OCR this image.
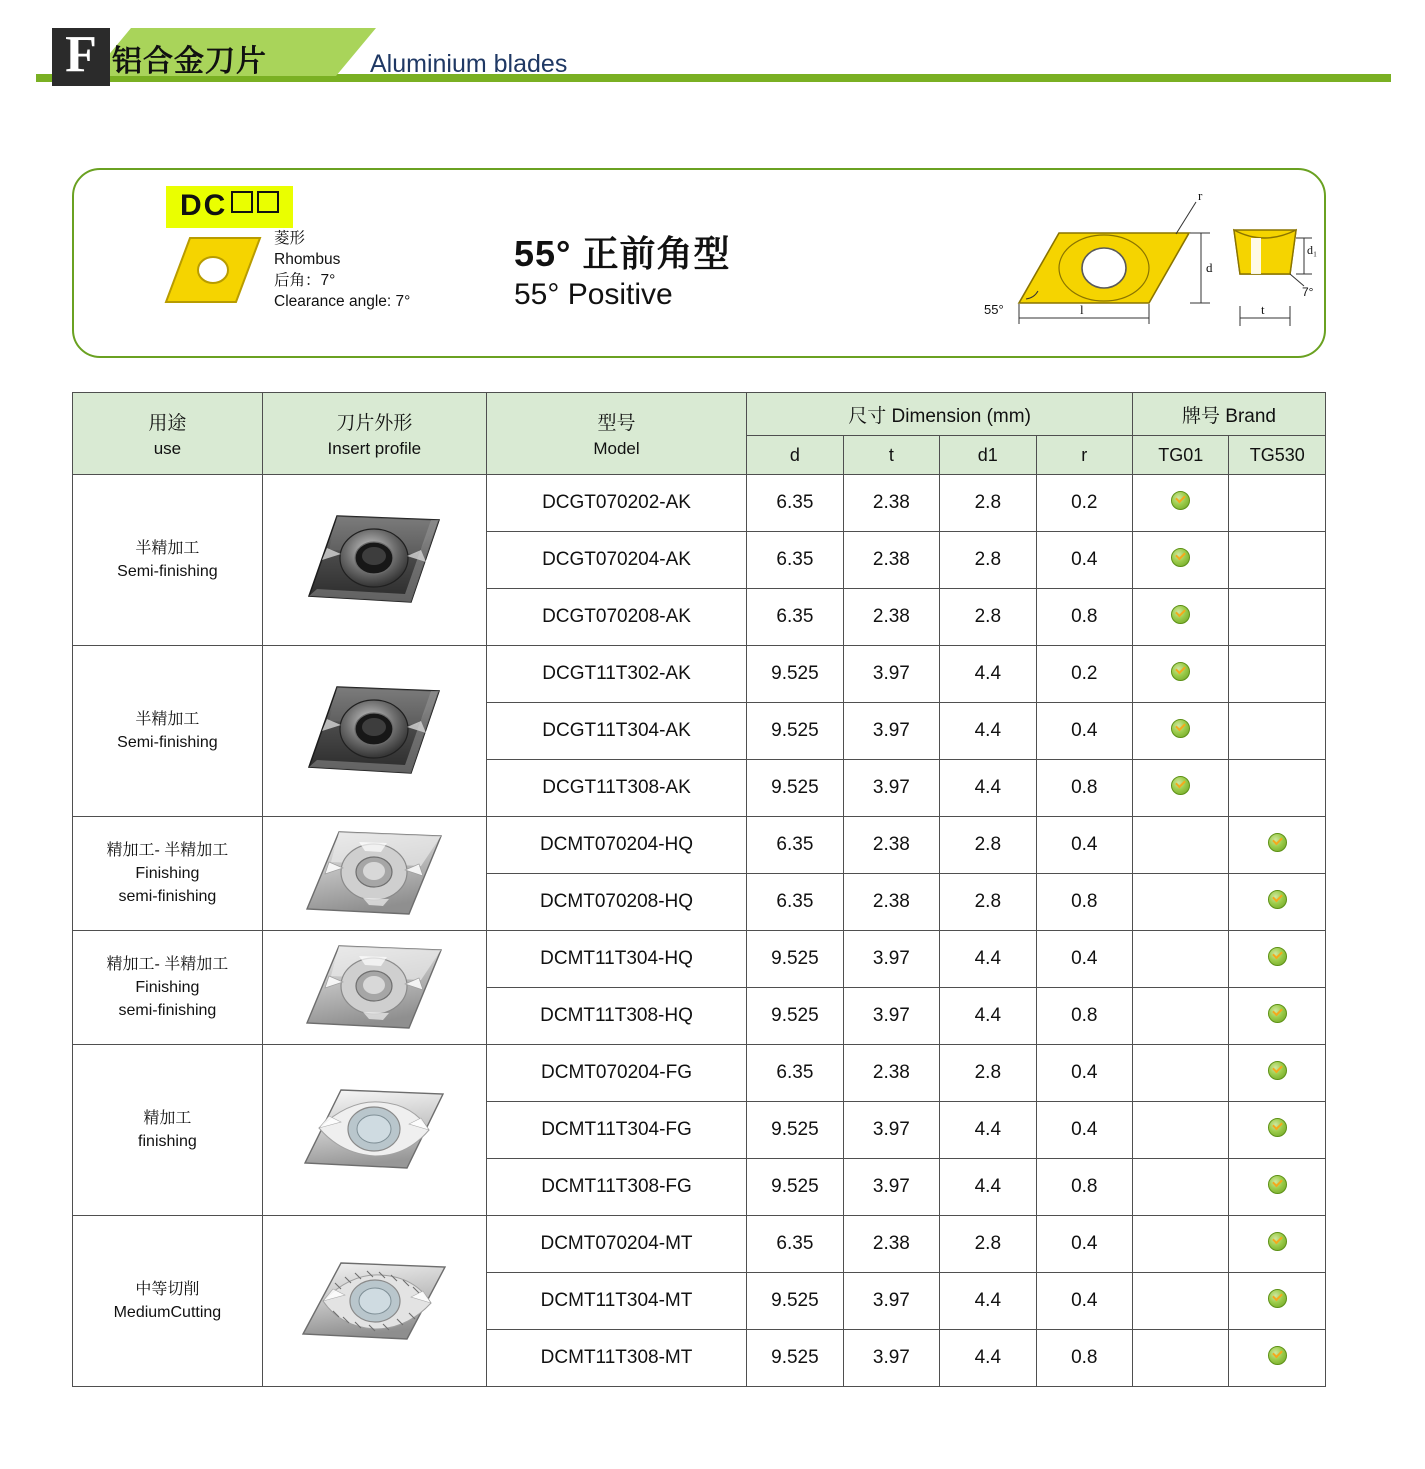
F 铝合金刀片	Aluminium blades
DC
菱形
Rhombus
后角：7°
Clearance angle: 7°
55° 正前角型
55° Positive
r
55°	l
d
d₁
7°
t
用途
use

刀片外形
Insert profile

型号
Model
	尺寸 Dimension (mm)	牌号 Brand
			d	t	d1	r	TG01	TG530

半精加工
Semi-finishing		DCGT070202-AK	6.35	2.38	2.8	0.2		
		DCGT070204-AK	6.35	2.38	2.8	0.4		
		DCGT070208-AK	6.35	2.38	2.8	0.8		

半精加工
Semi-finishing		DCGT11T302-AK	9.525	3.97	4.4	0.2		
		DCGT11T304-AK	9.525	3.97	4.4	0.4		
		DCGT11T308-AK	9.525	3.97	4.4	0.8		

精加工- 半精加工
Finishing
semi-finishing		DCMT070204-HQ	6.35	2.38	2.8	0.4		
		DCMT070208-HQ	6.35	2.38	2.8	0.8		

精加工- 半精加工
Finishing
semi-finishing		DCMT11T304-HQ	9.525	3.97	4.4	0.4		
		DCMT11T308-HQ	9.525	3.97	4.4	0.8		

精加工
finishing		DCMT070204-FG	6.35	2.38	2.8	0.4		
		DCMT11T304-FG	9.525	3.97	4.4	0.4		
		DCMT11T308-FG	9.525	3.97	4.4	0.8		

中等切削
MediumCutting		DCMT070204-MT	6.35	2.38	2.8	0.4		
		DCMT11T304-MT	9.525	3.97	4.4	0.4		
		DCMT11T308-MT	9.525	3.97	4.4	0.8		
